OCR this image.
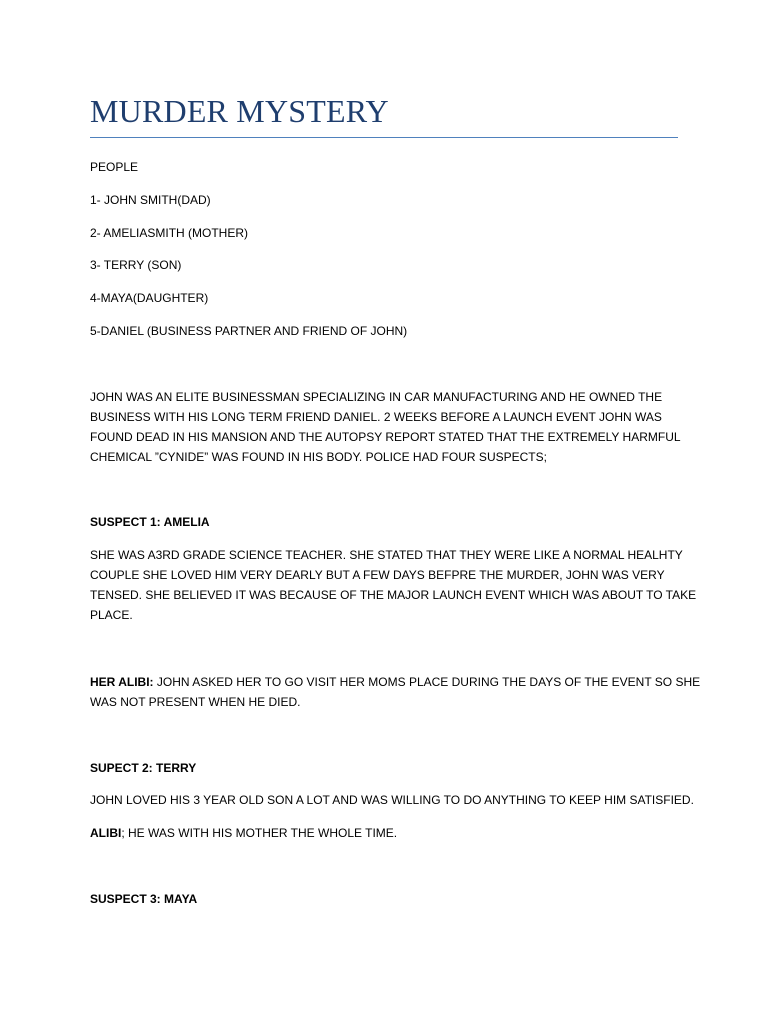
MURDER MYSTERY

PEOPLE

1- JOHN SMITH(DAD)

2- AMELIASMITH (MOTHER)

3- TERRY (SON)

4-MAYA(DAUGHTER)

5-DANIEL (BUSINESS PARTNER AND FRIEND OF JOHN)

JOHN WAS AN ELITE BUSINESSMAN SPECIALIZING IN CAR MANUFACTURING AND HE OWNED THE
BUSINESS WITH HIS LONG TERM FRIEND DANIEL. 2 WEEKS BEFORE A LAUNCH EVENT JOHN WAS
FOUND DEAD IN HIS MANSION AND THE AUTOPSY REPORT STATED THAT THE EXTREMELY HARMFUL
CHEMICAL ”CYNIDE” WAS FOUND IN HIS BODY. POLICE HAD FOUR SUSPECTS;

SUSPECT 1: AMELIA

SHE WAS A3RD GRADE SCIENCE TEACHER. SHE STATED THAT THEY WERE LIKE A NORMAL HEALHTY
COUPLE SHE LOVED HIM VERY DEARLY BUT A FEW DAYS BEFPRE THE MURDER, JOHN WAS VERY
TENSED. SHE BELIEVED IT WAS BECAUSE OF THE MAJOR LAUNCH EVENT WHICH WAS ABOUT TO TAKE
PLACE.
HER ALIBI: JOHN ASKED HER TO GO VISIT HER MOMS PLACE DURING THE DAYS OF THE EVENT SO SHE
WAS NOT PRESENT WHEN HE DIED.

SUPECT 2: TERRY

JOHN LOVED HIS 3 YEAR OLD SON A LOT AND WAS WILLING TO DO ANYTHING TO KEEP HIM SATISFIED.

ALIBI; HE WAS WITH HIS MOTHER THE WHOLE TIME.

SUSPECT 3: MAYA
